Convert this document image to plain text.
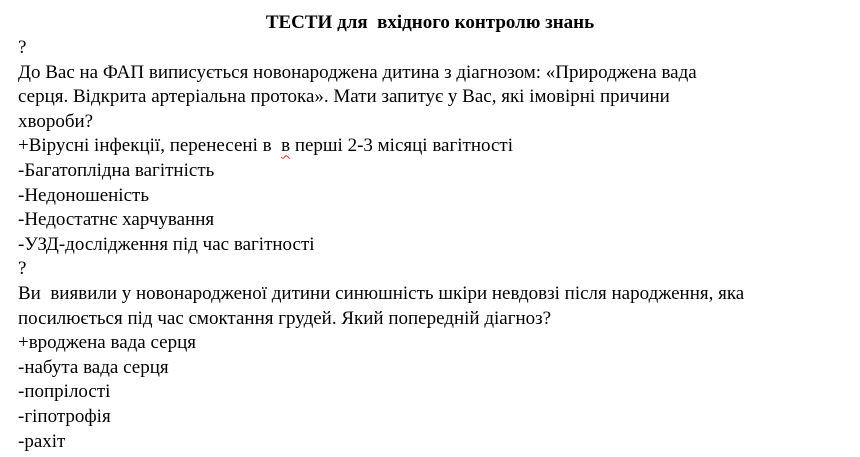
ТЕСТИ для  вхідного контролю знань
?
До Вас на ФАП виписується новонароджена дитина з діагнозом: «Природжена вада
серця. Відкрита артеріальна протока». Мати запитує у Вас, які імовірні причини
хвороби?
+Вірусні інфекції, перенесені в  в перші 2-3 місяці вагітності
-Багатоплідна вагітність
-Недоношеність
-Недостатнє харчування
-УЗД-дослідження під час вагітності
?
Ви  виявили у новонародженої дитини синюшність шкіри невдовзі після народження, яка
посилюється під час смоктання грудей. Який попередній діагноз?
+вроджена вада серця
-набута вада серця
-попрілості
-гіпотрофія
-рахіт
